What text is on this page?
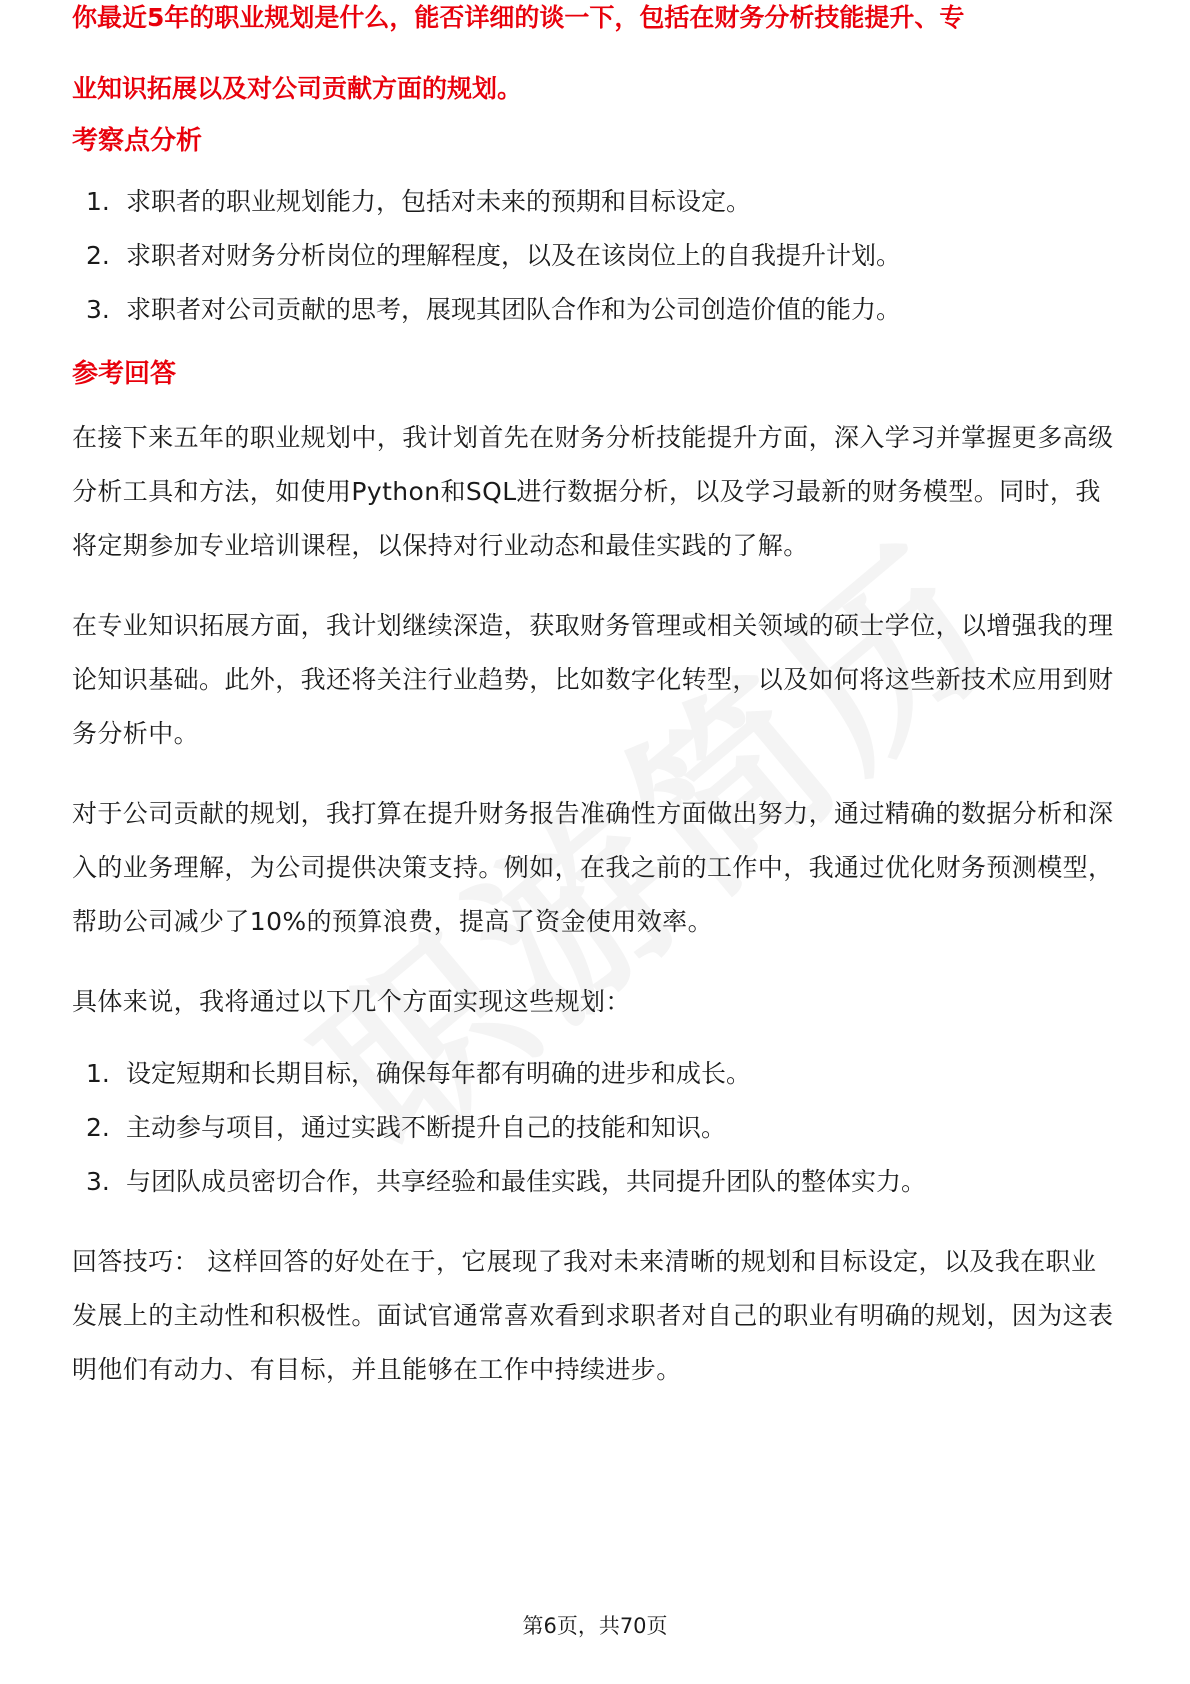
你最近5年的职业规划是什么，能否详细的谈一下，包括在财务分析技能提升、专

业知识拓展以及对公司贡献方面的规划。

考察点分析
1. 求职者的职业规划能力，包括对未来的预期和目标设定。
2. 求职者对财务分析岗位的理解程度，以及在该岗位上的自我提升计划。
3. 求职者对公司贡献的思考，展现其团队合作和为公司创造价值的能力。
参考回答

在接下来五年的职业规划中，我计划首先在财务分析技能提升方面，深入学习并掌握更多高级分析工具和方法，如使用Python和SQL进行数据分析，以及学习最新的财务模型。同时，我将定期参加专业培训课程，以保持对行业动态和最佳实践的了解。

在专业知识拓展方面，我计划继续深造，获取财务管理或相关领域的硕士学位，以增强我的理论知识基础。此外，我还将关注行业趋势，比如数字化转型，以及如何将这些新技术应用到财务分析中。

对于公司贡献的规划，我打算在提升财务报告准确性方面做出努力，通过精确的数据分析和深入的业务理解，为公司提供决策支持。例如，在我之前的工作中，我通过优化财务预测模型，帮助公司减少了10%的预算浪费，提高了资金使用效率。

具体来说，我将通过以下几个方面实现这些规划：

1. 设定短期和长期目标，确保每年都有明确的进步和成长。
2. 主动参与项目，通过实践不断提升自己的技能和知识。
3. 与团队成员密切合作，共享经验和最佳实践，共同提升团队的整体实力。

回答技巧： 这样回答的好处在于，它展现了我对未来清晰的规划和目标设定，以及我在职业发展上的主动性和积极性。面试官通常喜欢看到求职者对自己的职业有明确的规划，因为这表明他们有动力、有目标，并且能够在工作中持续进步。

第6页，共70页
